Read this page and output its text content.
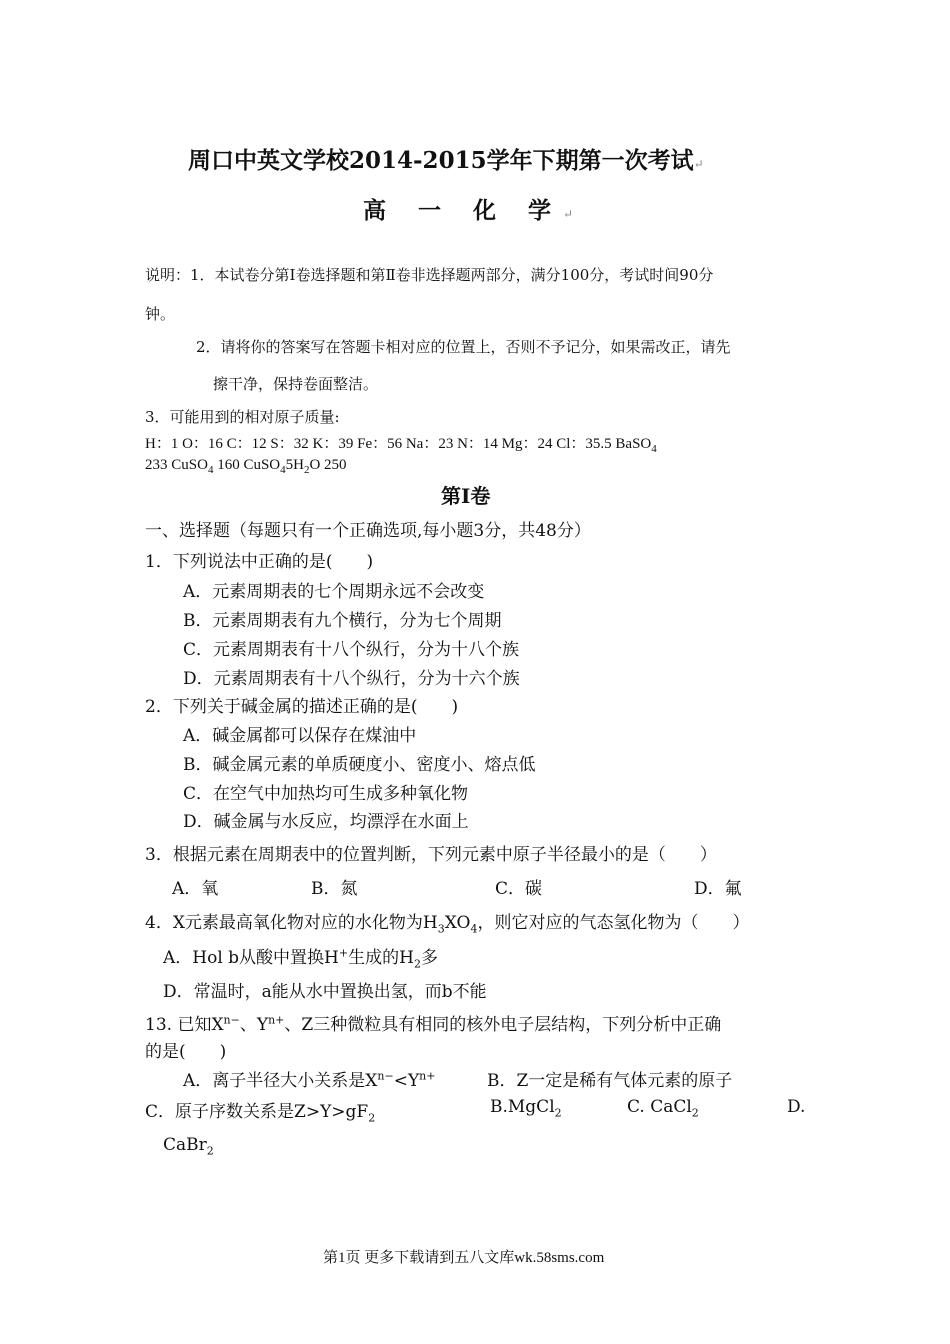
周口中英文学校2014-2015学年下期第一次考试↵
高 一 化 学↵
说明：1．本试卷分第Ⅰ卷选择题和第Ⅱ卷非选择题两部分，满分100分，考试时间90分
钟。
2．请将你的答案写在答题卡相对应的位置上，否则不予记分，如果需改正，请先
擦干净，保持卷面整洁。
3．可能用到的相对原子质量:
H：1 O：16 C：12 S：32 K：39 Fe：56 Na：23 N：14 Mg：24 Cl：35.5 BaSO$_4$
233 CuSO$_4$ 160 $CuSO_45H_2O$ 250
第Ⅰ卷
一、选择题（每题只有一个正确选项,每小题3分，共48分）
1．下列说法中正确的是(　　)
A．元素周期表的七个周期永远不会改变
B．元素周期表有九个横行，分为七个周期
C．元素周期表有十八个纵行，分为十八个族
D．元素周期表有十八个纵行，分为十六个族
2．下列关于碱金属的描述正确的是(　　)
A．碱金属都可以保存在煤油中
B．碱金属元素的单质硬度小、密度小、熔点低
C．在空气中加热均可生成多种氧化物
D．碱金属与水反应，均漂浮在水面上
3．根据元素在周期表中的位置判断，下列元素中原子半径最小的是（　　）
A．氧	B．氮	C．碳	D．氟
4．X元素最高氧化物对应的水化物为$H_3XO_4$，则它对应的气态氢化物为（　　）
A．Hol b从酸中置换H+生成的$H_2$多
D．常温时，a能从水中置换出氢，而b不能
13. 已知$X^{n-}$、$Y^{n+}$、Z三种微粒具有相同的核外电子层结构，下列分析中正确
的是(　　)
A．离子半径大小关系是$X^{n-}<Y^{n+}$	B．Z一定是稀有气体元素的原子
C．原子序数关系是$Z>Y>gF_2$
B.MgCl$_2$	C. CaCl$_2$	D.
CaBr$_2$
第1页 更多下载请到五八文库wk.58sms.com
